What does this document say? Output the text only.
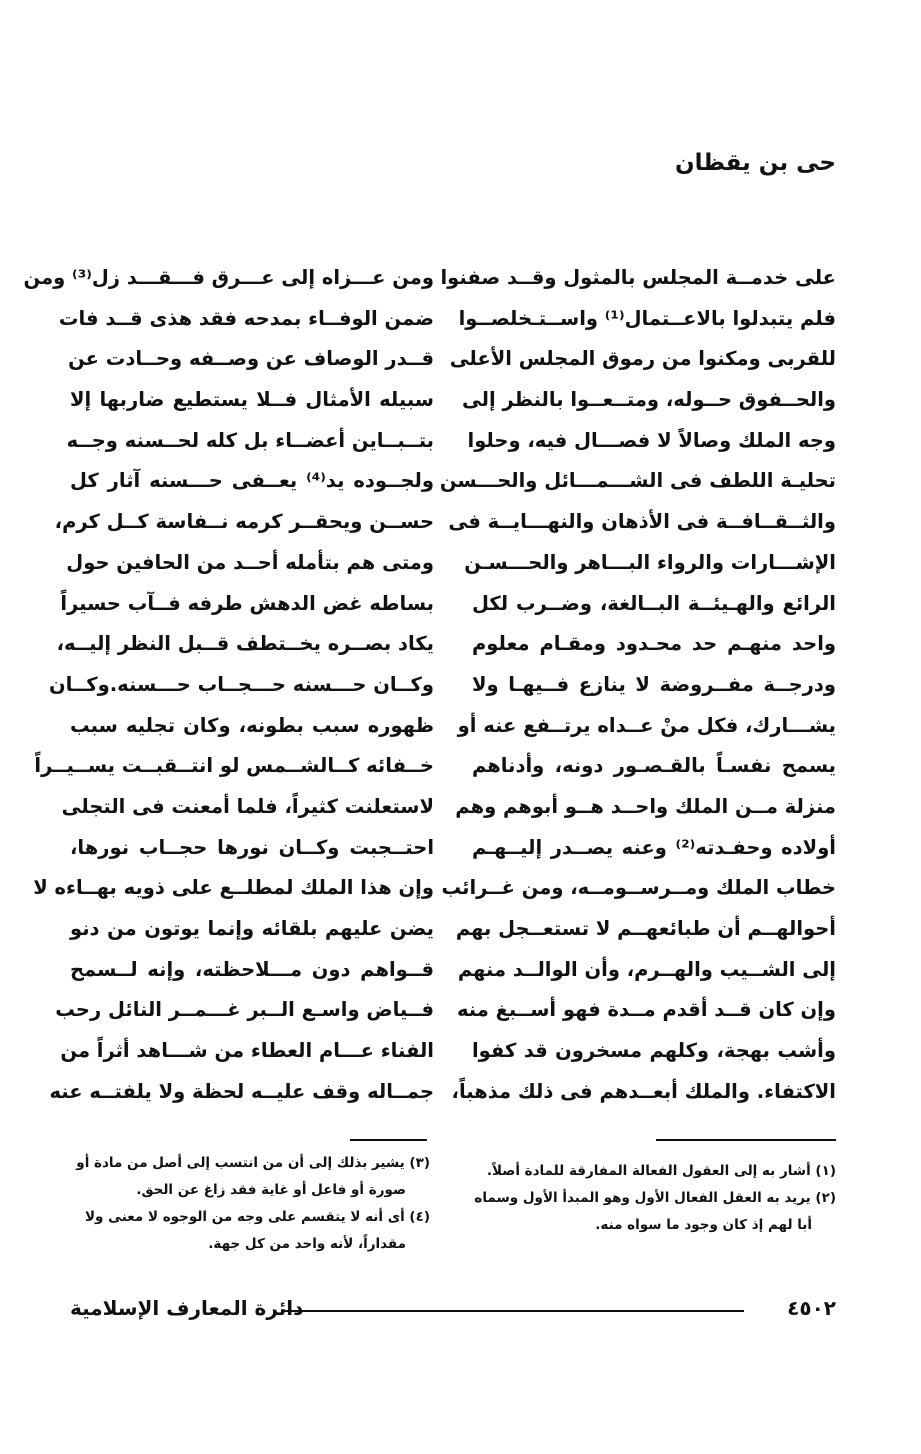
حى بن يقظان
على خدمــة المجلس بالمثول وقــد صفنوا
فلم يتبدلوا بالاعــتمال⁽¹⁾ واســتـخلصــوا
للقربى ومكنوا من رموق المجلس الأعلى
والحــفوق حــوله، ومتــعــوا بالنظر إلى
وجه الملك وصالاً لا فصـــال فيه، وحلوا
تحليـة اللطف فى الشـــمـــائل والحـــسن
والثــقــافــة فى الأذهان والنهـــايــة فى
الإشـــارات والرواء البـــاهر والحـــسـن
الرائع والهـيئــة البــالغة، وضــرب لكل
واحد منهـم حد محـدود ومقـام معلوم
ودرجــة مفــروضة لا ينازع فــيهـا ولا
يشـــارك، فكل منْ عــداه يرتــفع عنه أو
يسمح نفسـاً بالقـصـور دونه، وأدناهم
منزلة مــن الملك واحــد هــو أبوهم وهم
أولاده وحفـدته⁽²⁾ وعنه يصــدر إليــهـم
خطاب الملك ومــرســومــه، ومن غــرائب
أحوالهــم أن طبائعهــم لا تستعــجل بهم
إلى الشــيب والهــرم، وأن الوالــد منهم
وإن كان قــد أقدم مــدة فهو أســبغ منه
وأشب بهجة، وكلهم مسخرون قد كفوا
الاكتفاء. والملك أبعــدهم فى ذلك مذهباً،
ومن عـــزاه إلى عـــرق فـــقـــد زل⁽³⁾ ومن
ضمن الوفــاء بمدحه فقد هذى قــد فات
قــدر الوصاف عن وصــفه وحــادت عن
سبيله الأمثال فــلا يستطيع ضاربها إلا
بتــبــاين أعضــاء بل كله لحــسنه وجــه
ولجــوده يد⁽⁴⁾ يعــفى حـــسنه آثار كل
حســن ويحقــر كرمه نــفاسة كــل كرم،
ومتى هم بتأمله أحــد من الحافين حول
بساطه غض الدهش طرفه فــآب حسيراً
يكاد بصــره يخــتطف قــبل النظر إليــه،
وكــان حـــسنه حـــجــاب حـــسنه.وكــان
ظهوره سبب بطونه، وكان تجليه سبب
خــفائه كــالشــمس لو انتــقبــت يســيــراً
لاستعلنت كثيراً، فلما أمعنت فى التجلى
احتــجبت وكــان نورها حجــاب نورها،
وإن هذا الملك لمطلــع على ذويه بهــاءه لا
يضن عليهم بلقائه وإنما يوتون من دنو
قــواهم دون مـــلاحظته، وإنه لــسمح
فــياض واسـع الــبر غـــمــر النائل رحب
الفناء عـــام العطاء من شـــاهد أثراً من
جمــاله وقف عليــه لحظة ولا يلفتــه عنه
(١) أشار به إلى العقول الفعالة المفارقة للمادة أصلاً.
(٢) يريد به العقل الفعال الأول وهو المبدأ الأول وسماه
أبا لهم إذ كان وجود ما سواه منه.
(٣) يشير بذلك إلى أن من انتسب إلى أصل من مادة أو
صورة أو فاعل أو غاية فقد زاغ عن الحق.
(٤) أى أنه لا يتقسم على وجه من الوجوه لا معنى ولا
مقداراً، لأنه واحد من كل جهة.
٤٥٠٢
دائرة المعارف الإسلامية
